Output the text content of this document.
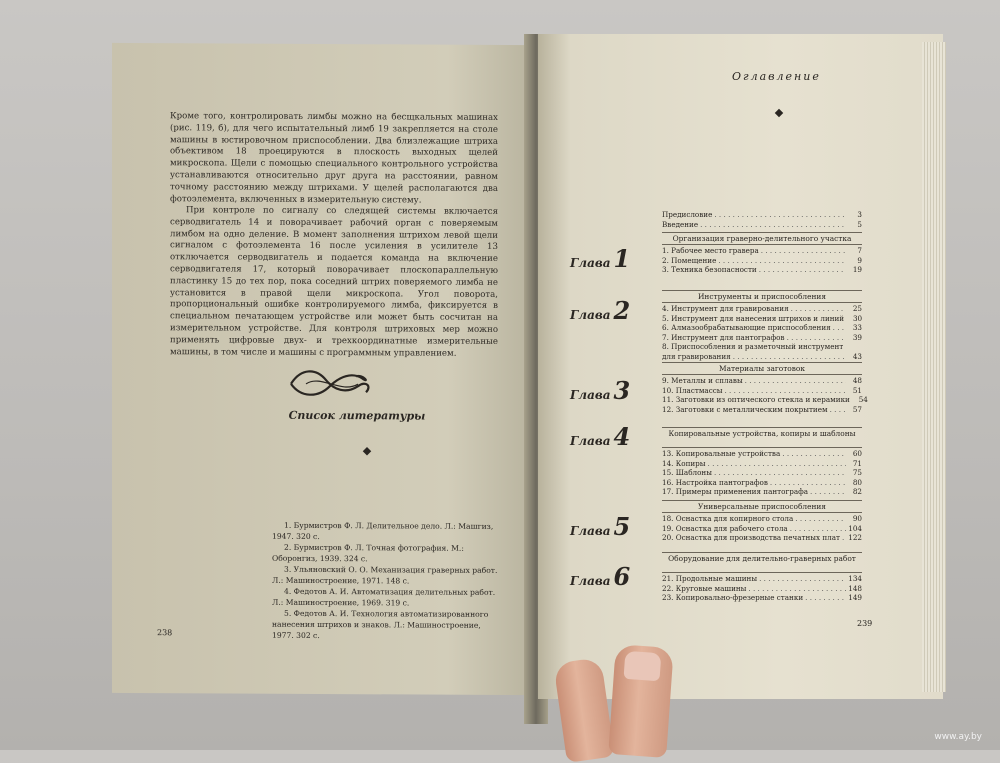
Кроме того, контролировать лимбы можно на бесщкальных машинах (рис. 119, б), для чего испытательный лимб 19 закрепляется на столе машины в юстировочном приспособлении. Два близлежащие штриха объективом 18 проецируются в плоскость выходных щелей микроскопа. Щели с помощью специального контрольного устройства устанавливаются относительно друг друга на расстоянии, равном точному расстоянию между штрихами. У щелей располагаются два фотоэлемента, включенных в измерительную систему.
При контроле по сигналу со следящей системы включается серводвигатель 14 и поворачивает рабочий орган с поверяемым лимбом на одно деление. В момент заполнения штрихом левой щели сигналом с фотоэлемента 16 после усиления в усилителе 13 отключается серводвигатель и подается команда на включение серводвигателя 17, который поворачивает плоскопараллельную пластинку 15 до тех пор, пока соседний штрих поверяемого лимба не установится в правой щели микроскопа. Угол поворота, пропорциональный ошибке контролируемого лимба, фиксируется в специальном печатающем устройстве или может быть сосчитан на измерительном устройстве. Для контроля штриховых мер можно применять цифровые двух- и трехкоординатные измерительные машины, в том числе и машины с программным управлением.
Список литературы
1. Бурмистров Ф. Л. Делительное дело. Л.: Машгиз, 1947. 320 с.
2. Бурмистров Ф. Л. Точная фотография. М.: Оборонгиз, 1939. 324 с.
3. Ульяновский О. О. Механизация граверных работ. Л.: Машиностроение, 1971. 148 с.
4. Федотов А. И. Автоматизация делительных работ. Л.: Машиностроение, 1969. 319 с.
5. Федотов А. И. Технология автоматизированного нанесения штрихов и знаков. Л.: Машиностроение, 1977. 302 с.
238
Оглавление
239
Предисловие . . .	3
Введение . . .	5
Организация граверно-делительного участка
1. Рабочее место гравера . . .	7
2. Помещение . . .	9
3. Техника безопасности . . .	19
Глава 1
Инструменты и приспособления
4. Инструмент для гравирования . . .	25
5. Инструмент для нанесения штрихов и линий	30
6. Алмазообрабатывающие приспособления . . .	33
7. Инструмент для пантографов . . .	39
8. Приспособления и разметочный инструмент
для гравирования . . .	43
Глава 2
Материалы заготовок
9. Металлы и сплавы . . .	48
10. Пластмассы . . .	51
11. Заготовки из оптического стекла и керамики	54
12. Заготовки с металлическим покрытием . . .	57
Глава 3
Копировальные устройства, копиры и шаблоны
13. Копировальные устройства . . .	60
14. Копиры . . .	71
15. Шаблоны . . .	75
16. Настройка пантографов . . .	80
17. Примеры применения пантографа . . .	82
Глава 4
Универсальные приспособления
18. Оснастка для копирного стола . . .	90
19. Оснастка для рабочего стола . . .	104
20. Оснастка для производства печатных плат . . . 122
Глава 5
Оборудование для делительно-граверных работ
21. Продольные машины . . .	134
22. Круговые машины . . .	148
23. Копировально-фрезерные станки . . .	149
Глава 6
www.ay.by
